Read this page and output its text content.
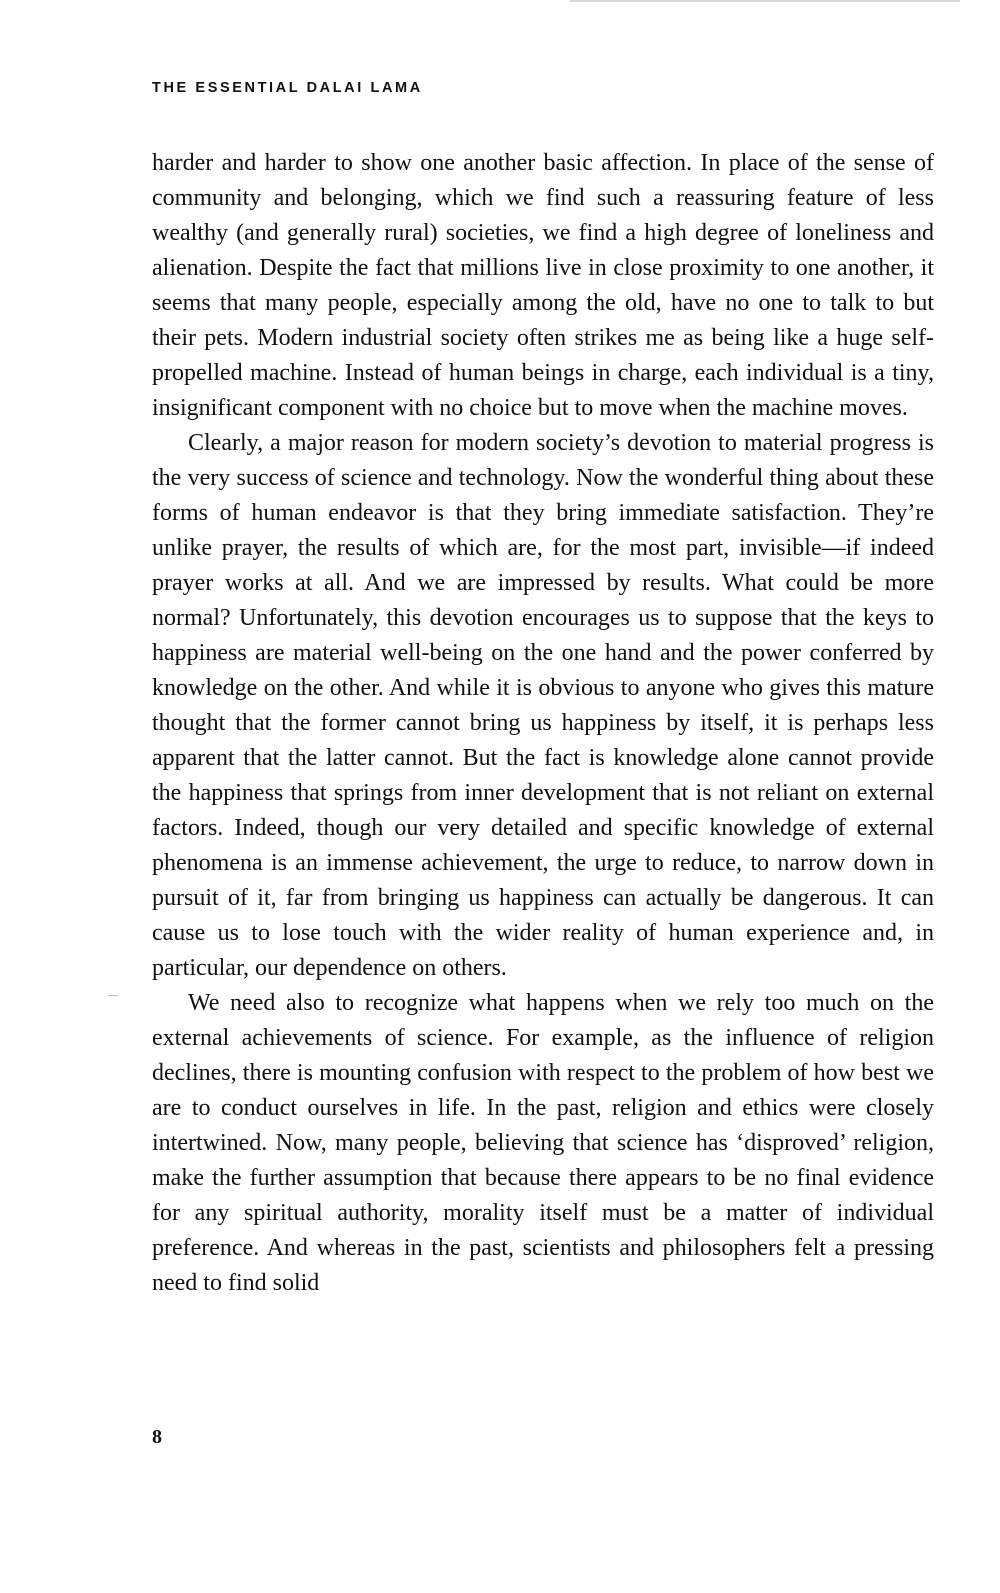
THE ESSENTIAL DALAI LAMA

harder and harder to show one another basic affection. In place of the sense of community and belonging, which we find such a reassuring feature of less wealthy (and generally rural) societies, we find a high degree of loneliness and alienation. Despite the fact that millions live in close proximity to one another, it seems that many people, especially among the old, have no one to talk to but their pets. Modern industrial society often strikes me as being like a huge self-propelled machine. Instead of human beings in charge, each individual is a tiny, insignificant component with no choice but to move when the machine moves.

Clearly, a major reason for modern society’s devotion to material progress is the very success of science and technology. Now the wonderful thing about these forms of human endeavor is that they bring immediate satisfaction. They’re unlike prayer, the results of which are, for the most part, invisible—if indeed prayer works at all. And we are impressed by results. What could be more normal? Unfortunately, this devotion encourages us to suppose that the keys to happiness are material well-being on the one hand and the power conferred by knowledge on the other. And while it is obvious to anyone who gives this mature thought that the former cannot bring us happiness by itself, it is perhaps less apparent that the latter cannot. But the fact is knowledge alone cannot provide the happiness that springs from inner development that is not reliant on external factors. Indeed, though our very detailed and specific knowledge of external phenomena is an immense achievement, the urge to reduce, to narrow down in pursuit of it, far from bringing us happiness can actually be dangerous. It can cause us to lose touch with the wider reality of human experience and, in particular, our dependence on others.

We need also to recognize what happens when we rely too much on the external achievements of science. For example, as the influence of religion declines, there is mounting confusion with respect to the problem of how best we are to conduct ourselves in life. In the past, religion and ethics were closely intertwined. Now, many people, believing that science has ‘disproved’ religion, make the further assumption that because there appears to be no final evidence for any spiritual authority, morality itself must be a matter of individual preference. And whereas in the past, scientists and philosophers felt a pressing need to find solid

8
